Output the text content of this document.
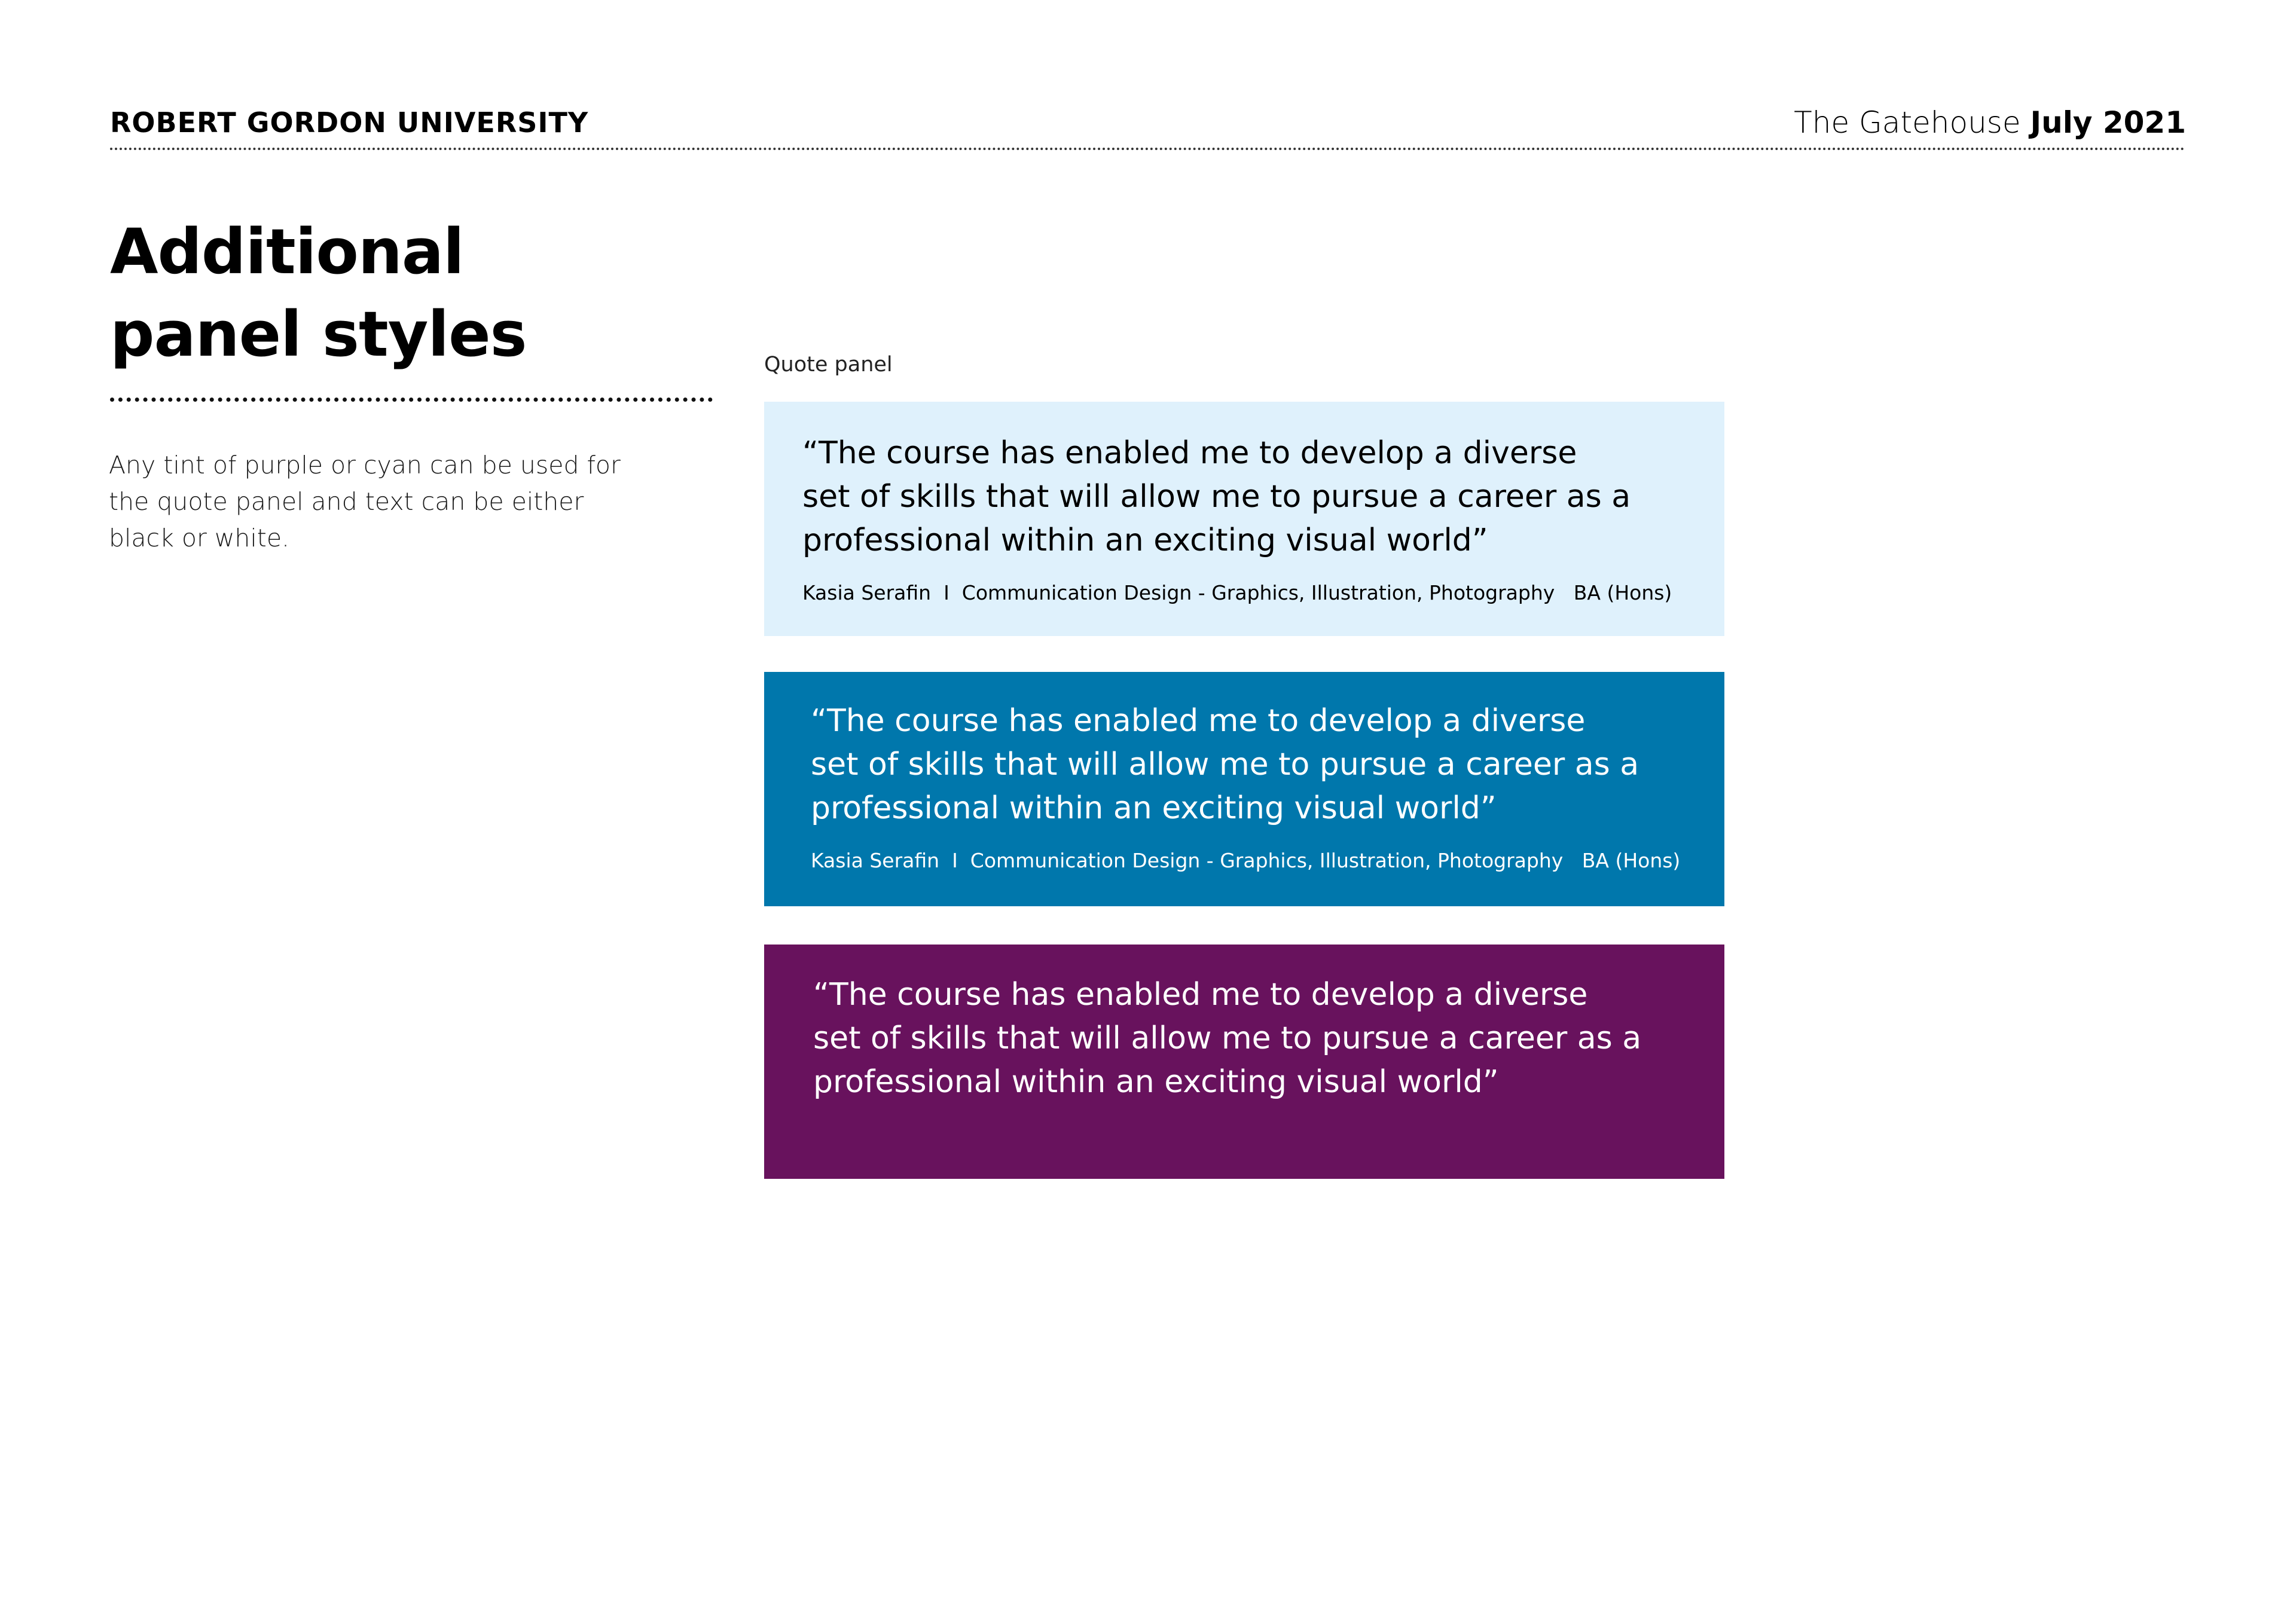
ROBERT GORDON UNIVERSITY	The Gatehouse July 2021
Additional
panel styles

Any tint of purple or cyan can be used for the quote panel and text can be either black or white.

Quote panel
“The course has enabled me to develop a diverse
set of skills that will allow me to pursue a career as a
professional within an exciting visual world”
Kasia Serafin  I  Communication Design - Graphics, Illustration, Photography   BA (Hons)
“The course has enabled me to develop a diverse
set of skills that will allow me to pursue a career as a
professional within an exciting visual world”
Kasia Serafin  I  Communication Design - Graphics, Illustration, Photography   BA (Hons)
“The course has enabled me to develop a diverse
set of skills that will allow me to pursue a career as a
professional within an exciting visual world”
